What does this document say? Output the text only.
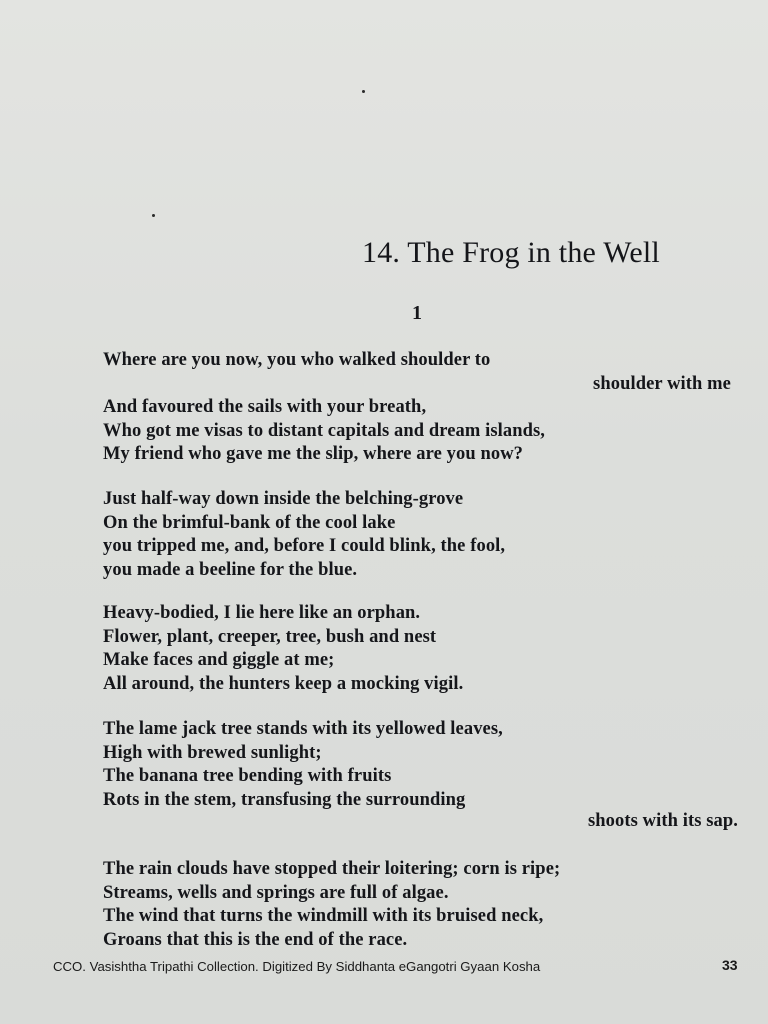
14. The Frog in the Well
1
Where are you now, you who walked shoulder to
shoulder with me
And favoured the sails with your breath,
Who got me visas to distant capitals and dream islands,
My friend who gave me the slip, where are you now?
Just half-way down inside the belching-grove
On the brimful-bank of the cool lake
you tripped me, and, before I could blink, the fool,
you made a beeline for the blue.
Heavy-bodied, I lie here like an orphan.
Flower, plant, creeper, tree, bush and nest
Make faces and giggle at me;
All around, the hunters keep a mocking vigil.
The lame jack tree stands with its yellowed leaves,
High with brewed sunlight;
The banana tree bending with fruits
Rots in the stem, transfusing the surrounding
shoots with its sap.
The rain clouds have stopped their loitering; corn is ripe;
Streams, wells and springs are full of algae.
The wind that turns the windmill with its bruised neck,
Groans that this is the end of the race.
CCO. Vasishtha Tripathi Collection. Digitized By Siddhanta eGangotri Gyaan Kosha	33
